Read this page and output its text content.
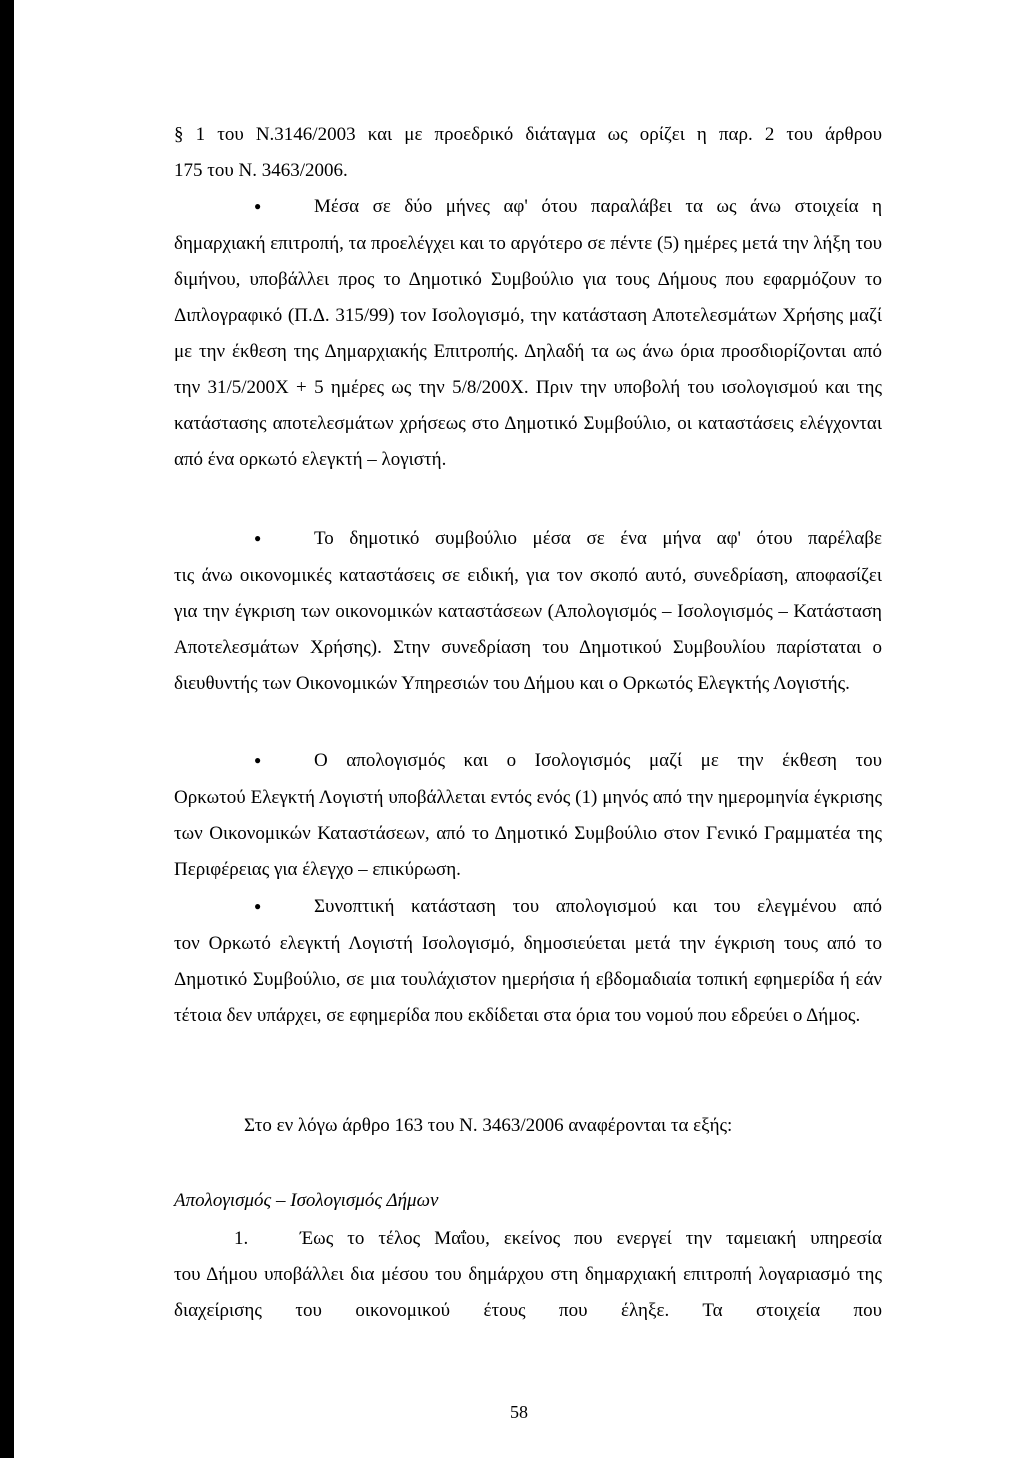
§ 1 του Ν.3146/2003 και με προεδρικό διάταγμα ως ορίζει η παρ. 2 του άρθρου
175 του Ν. 3463/2006.
●	Μέσα σε δύο μήνες αφ' ότου παραλάβει τα ως άνω στοιχεία η

δημαρχιακή επιτροπή, τα προελέγχει και το αργότερο σε πέντε (5) ημέρες μετά την λήξη του διμήνου, υποβάλλει προς το Δημοτικό Συμβούλιο για τους Δήμους που εφαρμόζουν το Διπλογραφικό (Π.Δ. 315/99) τον Ισολογισμό, την κατάσταση Αποτελεσμάτων Χρήσης μαζί με την έκθεση της Δημαρχιακής Επιτροπής. Δηλαδή τα ως άνω όρια προσδιορίζονται από την 31/5/200Χ + 5 ημέρες ως την 5/8/200Χ. Πριν την υποβολή του ισολογισμού και της κατάστασης αποτελεσμάτων χρήσεως στο Δημοτικό Συμβούλιο, οι καταστάσεις ελέγχονται από ένα ορκωτό ελεγκτή – λογιστή.

●	Το δημοτικό συμβούλιο μέσα σε ένα μήνα αφ' ότου παρέλαβε

τις άνω οικονομικές καταστάσεις σε ειδική, για τον σκοπό αυτό, συνεδρίαση, αποφασίζει για την έγκριση των οικονομικών καταστάσεων (Απολογισμός – Ισολογισμός – Κατάσταση Αποτελεσμάτων Χρήσης). Στην συνεδρίαση του Δημοτικού Συμβουλίου παρίσταται ο διευθυντής των Οικονομικών Υπηρεσιών του Δήμου και ο Ορκωτός Ελεγκτής Λογιστής.

●	Ο απολογισμός και ο Ισολογισμός μαζί με την έκθεση του

Ορκωτού Ελεγκτή Λογιστή υποβάλλεται εντός ενός (1) μηνός από την ημερομηνία έγκρισης των Οικονομικών Καταστάσεων, από το Δημοτικό Συμβούλιο στον Γενικό Γραμματέα της Περιφέρειας για έλεγχο – επικύρωση.

●	Συνοπτική κατάσταση του απολογισμού και του ελεγμένου από

τον Ορκωτό ελεγκτή Λογιστή Ισολογισμό, δημοσιεύεται μετά την έγκριση τους από το Δημοτικό Συμβούλιο, σε μια τουλάχιστον ημερήσια ή εβδομαδιαία τοπική εφημερίδα ή εάν τέτοια δεν υπάρχει, σε εφημερίδα που εκδίδεται στα όρια του νομού που εδρεύει ο Δήμος.

Στο εν λόγω άρθρο 163 του Ν. 3463/2006 αναφέρονται τα εξής:

Απολογισμός – Ισολογισμός Δήμων

1.	Έως το τέλος Μαΐου, εκείνος που ενεργεί την ταμειακή υπηρεσία

του Δήμου υποβάλλει δια μέσου του δημάρχου στη δημαρχιακή επιτροπή λογαριασμό της διαχείρισης του οικονομικού έτους που έληξε. Τα στοιχεία που

58
